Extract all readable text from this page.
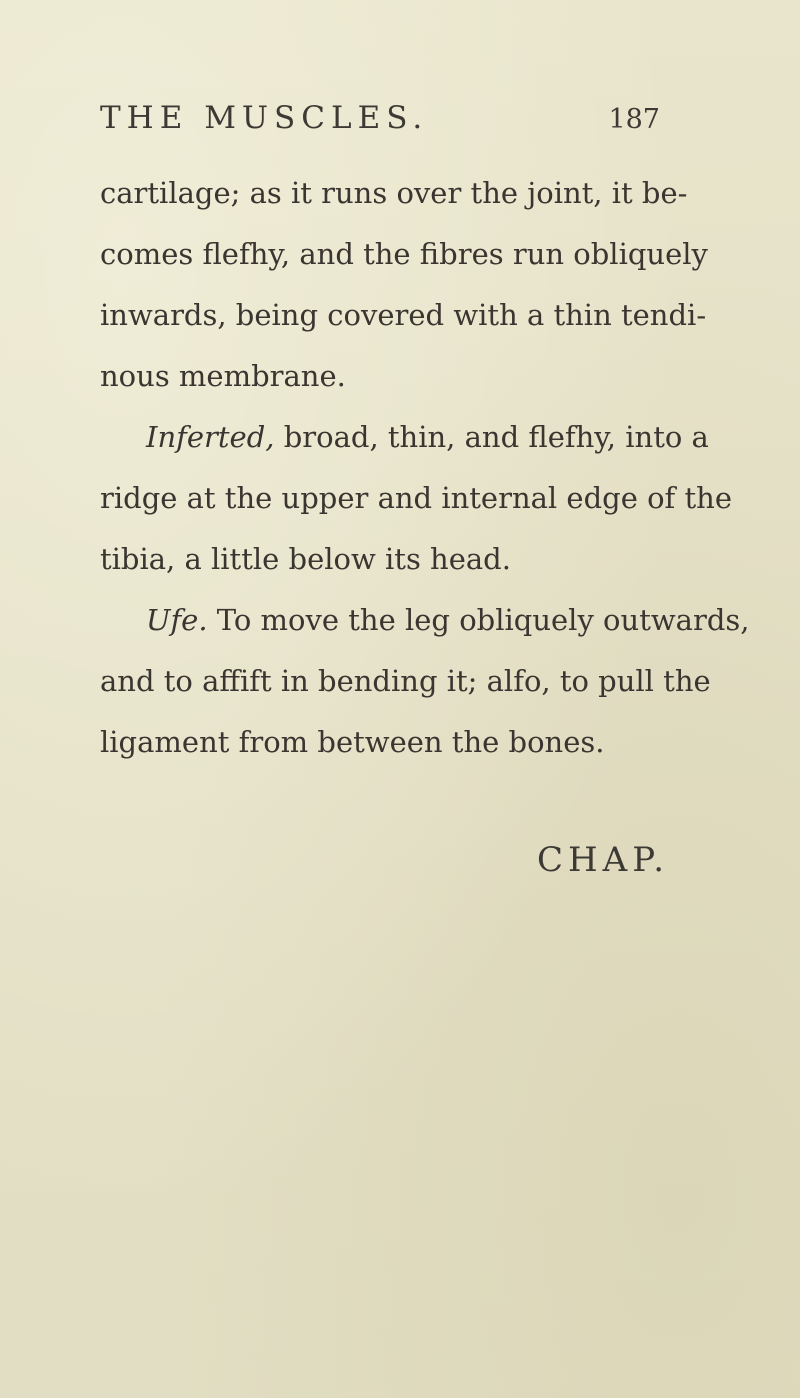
THE MUSCLES.	187
cartilage; as it runs over the joint, it be-
comes flefhy, and the fibres run obliquely
inwards, being covered with a thin tendi-
nous membrane.
Inferted, broad, thin, and flefhy, into a
ridge at the upper and internal edge of the
tibia, a little below its head.
Ufe. To move the leg obliquely outwards,
and to affift in bending it; alfo, to pull the
ligament from between the bones.
CHAP.
